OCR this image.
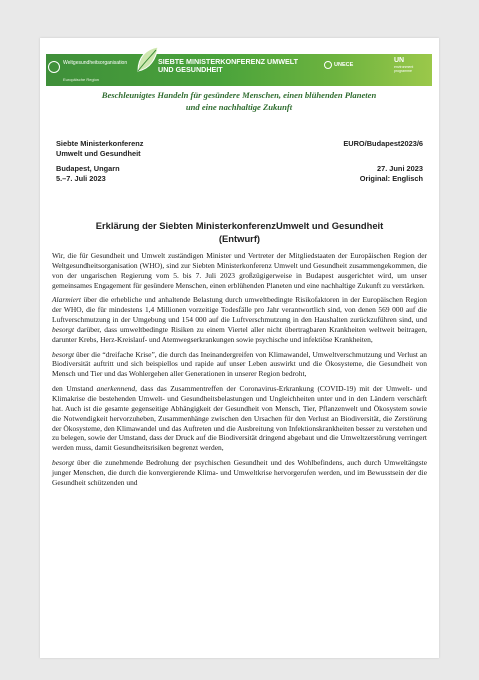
Weltgesundheitsorganisation
Europäische Region
SIEBTE MINISTERKONFERENZ UMWELT
UND GESUNDHEIT	UNECE
UN
environment programme
Beschleunigtes Handeln für gesündere Menschen, einen blühenden Planeten
und eine nachhaltige Zukunft
Siebte Ministerkonferenz
Umwelt und Gesundheit
EURO/Budapest2023/6
Budapest, Ungarn
5.–7. Juli 2023
27. Juni 2023
Original: Englisch
Erklärung der Siebten MinisterkonferenzUmwelt und Gesundheit
(Entwurf)

Wir, die für Gesundheit und Umwelt zuständigen Minister und Vertreter der Mitgliedstaaten der Europäischen Region der Weltgesundheitsorganisation (WHO), sind zur Siebten Ministerkonferenz Umwelt und Gesundheit zusammengekommen, die von der ungarischen Regierung vom 5. bis 7. Juli 2023 großzügigerweise in Budapest ausgerichtet wird, um unser gemeinsames Engagement für gesündere Menschen, einen erblühenden Planeten und eine nachhaltige Zukunft zu verstärken.

Alarmiert über die erhebliche und anhaltende Belastung durch umweltbedingte Risikofaktoren in der Europäischen Region der WHO, die für mindestens 1,4 Millionen vorzeitige Todesfälle pro Jahr verantwortlich sind, von denen 569 000 auf die Luftverschmutzung in der Umgebung und 154 000 auf die Luftverschmutzung in den Haushalten zurückzuführen sind, und besorgt darüber, dass umweltbedingte Risiken zu einem Viertel aller nicht übertragbaren Krankheiten weltweit beitragen, darunter Krebs, Herz-Kreislauf- und Atemwegserkrankungen sowie psychische und infektiöse Krankheiten,

besorgt über die “dreifache Krise”, die durch das Ineinandergreifen von Klimawandel, Umweltverschmutzung und Verlust an Biodiversität auftritt und sich beispiellos und rapide auf unser Leben auswirkt und die Ökosysteme, die Gesundheit von Mensch und Tier und das Wohlergehen aller Generationen in unserer Region bedroht,

den Umstand anerkennend, dass das Zusammentreffen der Coronavirus-Erkrankung (COVID-19) mit der Umwelt- und Klimakrise die bestehenden Umwelt- und Gesundheitsbelastungen und Ungleichheiten unter und in den Ländern verschärft hat. Auch ist die gesamte gegenseitige Abhängigkeit der Gesundheit von Mensch, Tier, Pflanzenwelt und Ökosystem sowie die Notwendigkeit hervorzuheben, Zusammenhänge zwischen den Ursachen für den Verlust an Biodiversität, die Zerstörung der Ökosysteme, den Klimawandel und das Auftreten und die Ausbreitung von Infektionskrankheiten besser zu verstehen und zu belegen, sowie der Umstand, dass der Druck auf die Biodiversität dringend abgebaut und die Umweltzerstörung verringert werden muss, damit Gesundheitsrisiken begrenzt werden,

besorgt über die zunehmende Bedrohung der psychischen Gesundheit und des Wohlbefindens, auch durch Umweltängste junger Menschen, die durch die konvergierende Klima- und Umweltkrise hervorgerufen werden, und im Bewusstsein der die Gesundheit schützenden und
